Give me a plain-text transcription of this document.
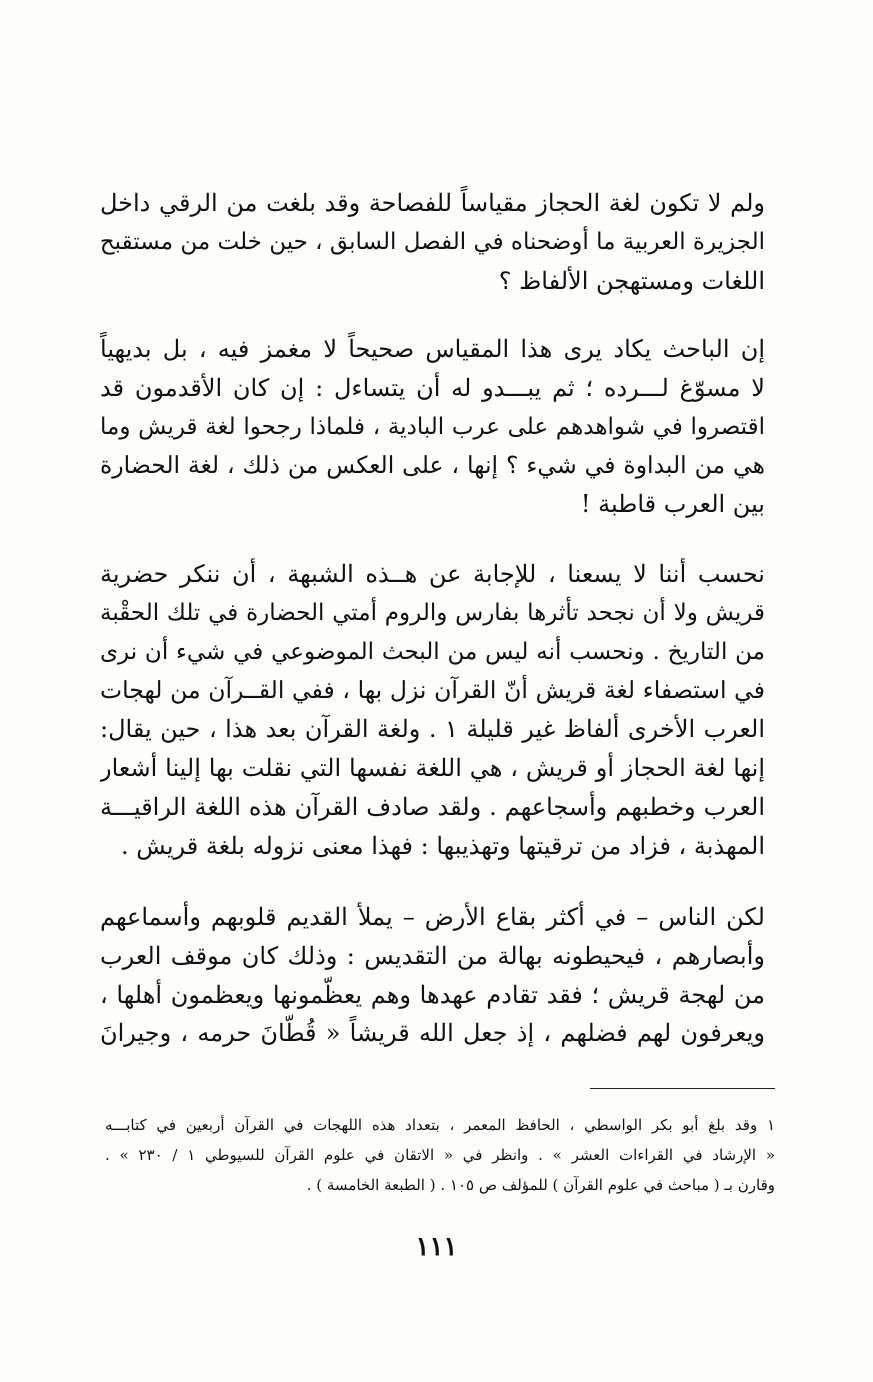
ولم لا تكون لغة الحجاز مقياساً للفصاحة وقد بلغت من الرقي داخل
الجزيرة العربية ما أوضحناه في الفصل السابق ، حين خلت من مستقبح
اللغات ومستهجن الألفاظ ؟
إن الباحث يكاد يرى هذا المقياس صحيحاً لا مغمز فيه ، بل بديهياً
لا مسوّغ لـــرده ؛ ثم يبـــدو له أن يتساءل : إن كان الأقدمون قد
اقتصروا في شواهدهم على عرب البادية ، فلماذا رجحوا لغة قريش وما
هي من البداوة في شيء ؟ إنها ، على العكس من ذلك ، لغة الحضارة
بين العرب قاطبة !
نحسب أننا لا يسعنا ، للإجابة عن هــذه الشبهة ، أن ننكر حضرية
قريش ولا أن نجحد تأثرها بفارس والروم أمتي الحضارة في تلك الحقْبة
من التاريخ . ونحسب أنه ليس من البحث الموضوعي في شيء أن نرى
في استصفاء لغة قريش أنّ القرآن نزل بها ، ففي القــرآن من لهجات
العرب الأخرى ألفاظ غير قليلة ١ . ولغة القرآن بعد هذا ، حين يقال:
إنها لغة الحجاز أو قريش ، هي اللغة نفسها التي نقلت بها إلينا أشعار
العرب وخطبهم وأسجاعهم . ولقد صادف القرآن هذه اللغة الراقيـــة
المهذبة ، فزاد من ترقيتها وتهذيبها : فهذا معنى نزوله بلغة قريش .
لكن الناس – في أكثر بقاع الأرض – يملأ القديم قلوبهم وأسماعهم
وأبصارهم ، فيحيطونه بهالة من التقديس : وذلك كان موقف العرب
من لهجة قريش ؛ فقد تقادم عهدها وهم يعظّمونها ويعظمون أهلها ،
ويعرفون لهم فضلهم ، إذ جعل الله قريشاً « قُطّانَ حرمه ، وجيرانَ
١ وقد بلغ أبو بكر الواسطي ، الحافظ المعمر ، بتعداد هذه اللهجات في القرآن أربعين في كتابـــه
« الإرشاد في القراءات العشر » . وانظر في « الاتقان في علوم القرآن للسيوطي ١ / ٢٣٠ » .
وقارن بـ ( مباحث في علوم القرآن ) للمؤلف ص ١٠٥ . ( الطبعة الخامسة ) .
١١١
